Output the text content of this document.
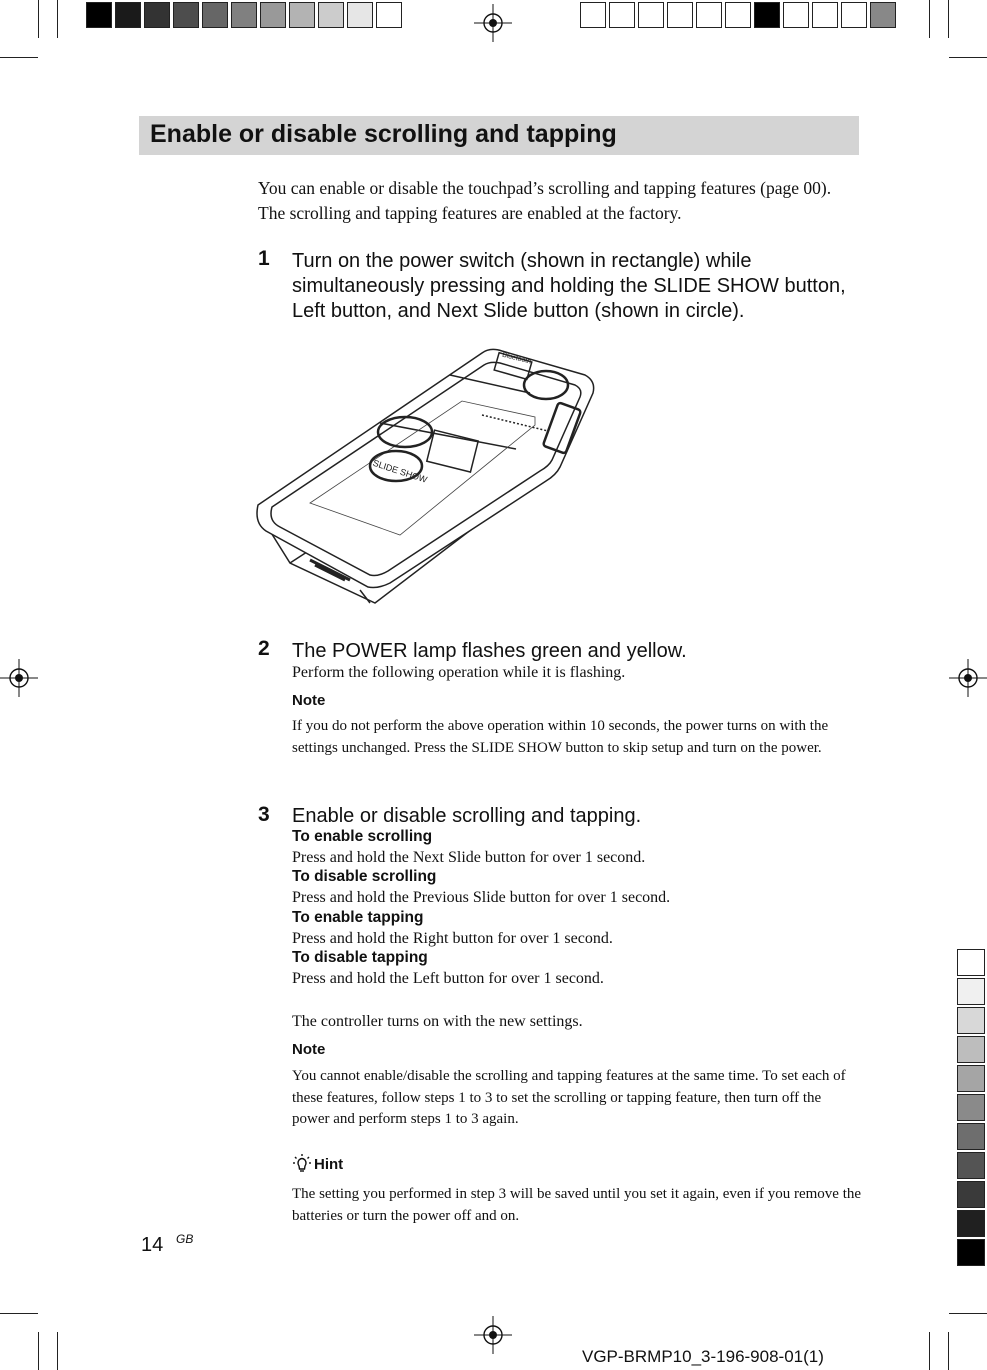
Enable or disable scrolling and tapping
You can enable or disable the touchpad’s scrolling and tapping features (page 00). The scrolling and tapping features are enabled at the factory.
1 Turn on the power switch (shown in rectangle) while simultaneously pressing and holding the SLIDE SHOW button, Left button, and Next Slide button (shown in circle).
SLIDE SHOW
Bluetooth
2 The POWER lamp flashes green and yellow.
Perform the following operation while it is flashing.
Note
If you do not perform the above operation within 10 seconds, the power turns on with the settings unchanged. Press the SLIDE SHOW button to skip setup and turn on the power.
3 Enable or disable scrolling and tapping.
To enable scrolling
Press and hold the Next Slide button for over 1 second.
To disable scrolling
Press and hold the Previous Slide button for over 1 second.
To enable tapping
Press and hold the Right button for over 1 second.
To disable tapping
Press and hold the Left button for over 1 second.
The controller turns on with the new settings.
Note
You cannot enable/disable the scrolling and tapping features at the same time. To set each of these features, follow steps 1 to 3 to set the scrolling or tapping feature, then turn off the power and perform steps 1 to 3 again.
Hint
The setting you performed in step 3 will be saved until you set it again, even if you remove the batteries or turn the power off and on.
14 GB
VGP-BRMP10_3-196-908-01(1)
